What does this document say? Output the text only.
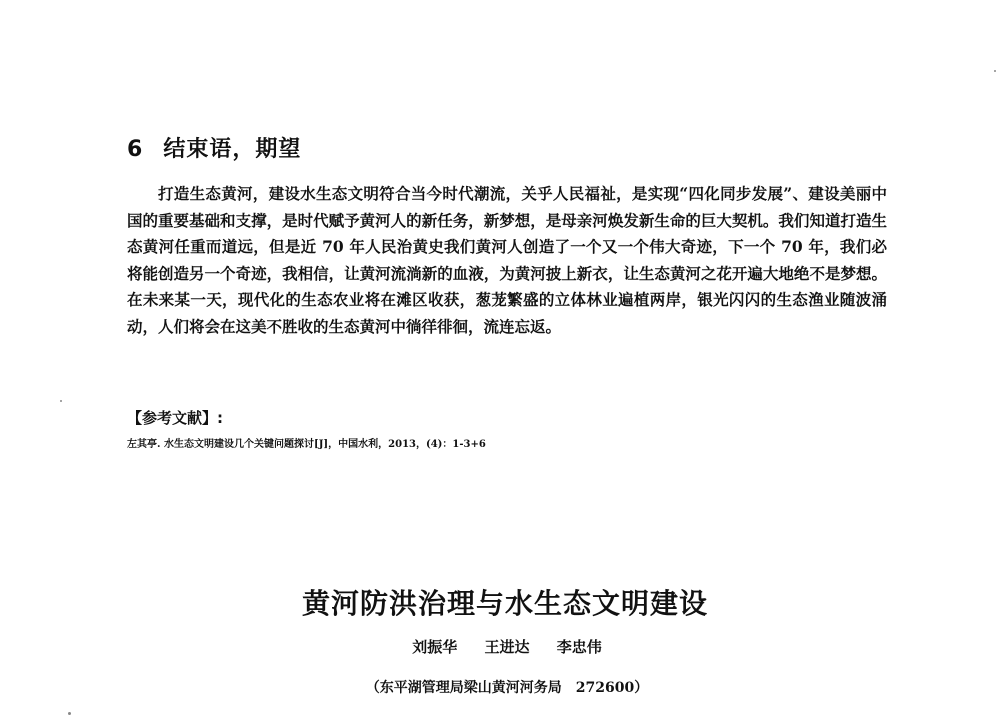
6 结束语，期望

打造生态黄河，建设水生态文明符合当今时代潮流，关乎人民福祉，是实现“四化同步发展”、建设美丽中国的重要基础和支撑，是时代赋予黄河人的新任务，新梦想，是母亲河焕发新生命的巨大契机。我们知道打造生态黄河任重而道远，但是近 70 年人民治黄史我们黄河人创造了一个又一个伟大奇迹，下一个 70 年，我们必将能创造另一个奇迹，我相信，让黄河流淌新的血液，为黄河披上新衣，让生态黄河之花开遍大地绝不是梦想。在未来某一天，现代化的生态农业将在滩区收获，葱茏繁盛的立体林业遍植两岸，银光闪闪的生态渔业随波涌动，人们将会在这美不胜收的生态黄河中徜徉徘徊，流连忘返。

【参考文献】:
左其亭. 水生态文明建设几个关键问题探讨[J]，中国水利，2013，(4)：1-3+6
黄河防洪治理与水生态文明建设
刘振华 王进达 李忠伟
（东平湖管理局梁山黄河河务局　272600）
